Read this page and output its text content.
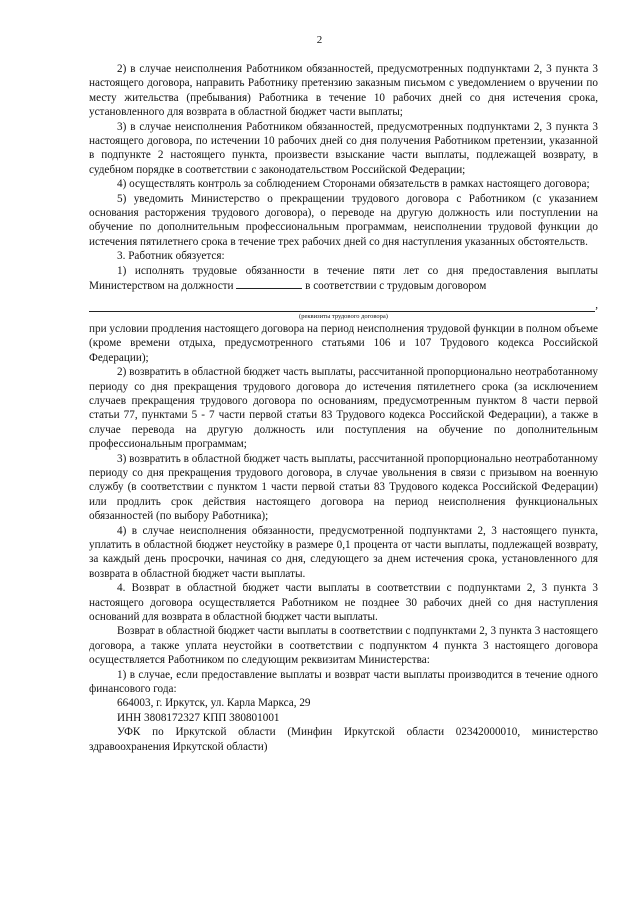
2

2) в случае неисполнения Работником обязанностей, предусмотренных подпунктами 2, 3 пункта 3 настоящего договора, направить Работнику претензию заказным письмом с уведомлением о вручении по месту жительства (пребывания) Работника в течение 10 рабочих дней со дня истечения срока, установленного для возврата в областной бюджет части выплаты;

3) в случае неисполнения Работником обязанностей, предусмотренных подпунктами 2, 3 пункта 3 настоящего договора, по истечении 10 рабочих дней со дня получения Работником претензии, указанной в подпункте 2 настоящего пункта, произвести взыскание части выплаты, подлежащей возврату, в судебном порядке в соответствии с законодательством Российской Федерации;

4) осуществлять контроль за соблюдением Сторонами обязательств в рамках настоящего договора;

5) уведомить Министерство о прекращении трудового договора с Работником (с указанием основания расторжения трудового договора), о переводе на другую должность или поступлении на обучение по дополнительным профессиональным программам, неисполнении трудовой функции до истечения пятилетнего срока в течение трех рабочих дней со дня наступления указанных обстоятельств.

3. Работник обязуется:

1) исполнять трудовые обязанности в течение пяти лет со дня предоставления выплаты Министерством на должности	в соответствии с трудовым договором

,
(реквизиты трудового договора)

при условии продления настоящего договора на период неисполнения трудовой функции в полном объеме (кроме времени отдыха, предусмотренного статьями 106 и 107 Трудового кодекса Российской Федерации);

2) возвратить в областной бюджет часть выплаты, рассчитанной пропорционально неотработанному периоду со дня прекращения трудового договора до истечения пятилетнего срока (за исключением случаев прекращения трудового договора по основаниям, предусмотренным пунктом 8 части первой статьи 77, пунктами 5 - 7 части первой статьи 83 Трудового кодекса Российской Федерации), а также в случае перевода на другую должность или поступления на обучение по дополнительным профессиональным программам;

3) возвратить в областной бюджет часть выплаты, рассчитанной пропорционально неотработанному периоду со дня прекращения трудового договора, в случае увольнения в связи с призывом на военную службу (в соответствии с пунктом 1 части первой статьи 83 Трудового кодекса Российской Федерации) или продлить срок действия настоящего договора на период неисполнения функциональных обязанностей (по выбору Работника);

4) в случае неисполнения обязанности, предусмотренной подпунктами 2, 3 настоящего пункта, уплатить в областной бюджет неустойку в размере 0,1 процента от части выплаты, подлежащей возврату, за каждый день просрочки, начиная со дня, следующего за днем истечения срока, установленного для возврата в областной бюджет части выплаты.

4. Возврат в областной бюджет части выплаты в соответствии с подпунктами 2, 3 пункта 3 настоящего договора осуществляется Работником не позднее 30 рабочих дней со дня наступления оснований для возврата в областной бюджет части выплаты.

Возврат в областной бюджет части выплаты в соответствии с подпунктами 2, 3 пункта 3 настоящего договора, а также уплата неустойки в соответствии с подпунктом 4 пункта 3 настоящего договора осуществляется Работником по следующим реквизитам Министерства:

1) в случае, если предоставление выплаты и возврат части выплаты производится в течение одного финансового года:

664003, г. Иркутск, ул. Карла Маркса, 29

ИНН 3808172327 КПП 380801001

УФК по Иркутской области (Минфин Иркутской области 02342000010, министерство здравоохранения Иркутской области)
